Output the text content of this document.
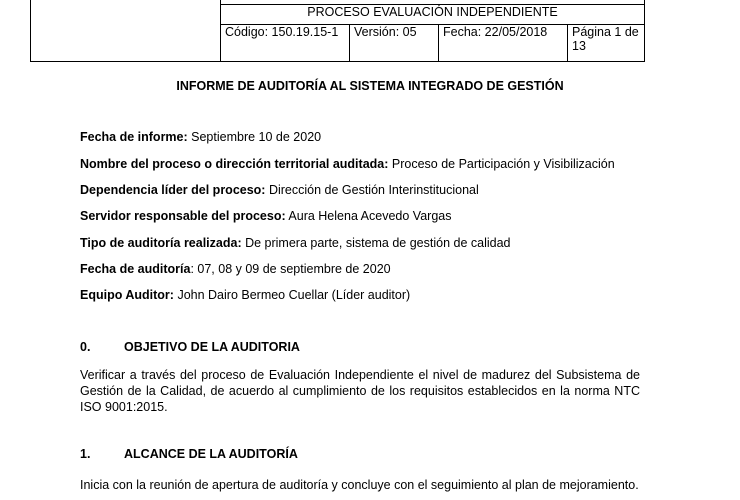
	PROCESO EVALUACIÓN INDEPENDIENTE			
	Código: 150.19.15-1	Versión: 05	Fecha: 22/05/2018	Página 1 de 13
INFORME DE AUDITORÍA AL SISTEMA INTEGRADO DE GESTIÓN
Fecha de informe: Septiembre 10 de 2020
Nombre del proceso o dirección territorial auditada: Proceso de Participación y Visibilización
Dependencia líder del proceso: Dirección de Gestión Interinstitucional
Servidor responsable del proceso: Aura Helena Acevedo Vargas
Tipo de auditoría realizada: De primera parte, sistema de gestión de calidad
Fecha de auditoría: 07, 08 y 09 de septiembre de 2020
Equipo Auditor: John Dairo Bermeo Cuellar (Líder auditor)
0.	OBJETIVO DE LA AUDITORIA
Verificar a través del proceso de Evaluación Independiente el nivel de madurez del Subsistema de Gestión de la Calidad, de acuerdo al cumplimiento de los requisitos establecidos en la norma NTC ISO 9001:2015.
1.	ALCANCE DE LA AUDITORÍA
Inicia con la reunión de apertura de auditoría y concluye con el seguimiento al plan de mejoramiento.
